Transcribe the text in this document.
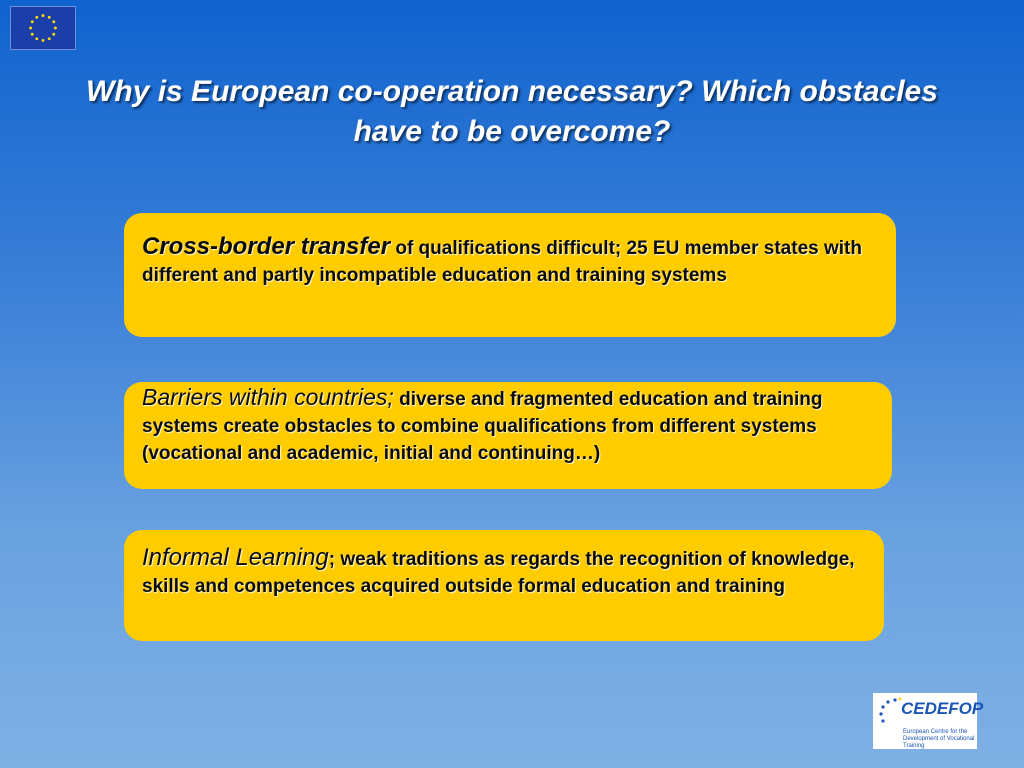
Why is European co-operation necessary? Which obstacles have to be overcome?
Cross-border transfer of qualifications difficult; 25 EU member states with different and partly incompatible education and training systems
Barriers within countries; diverse and fragmented education and training systems create obstacles to combine qualifications from different systems (vocational and academic, initial and continuing…)
Informal Learning; weak traditions as regards the recognition of knowledge, skills and competences acquired outside formal education and training
CEDEFOP
European Centre for the Development of Vocational Training
